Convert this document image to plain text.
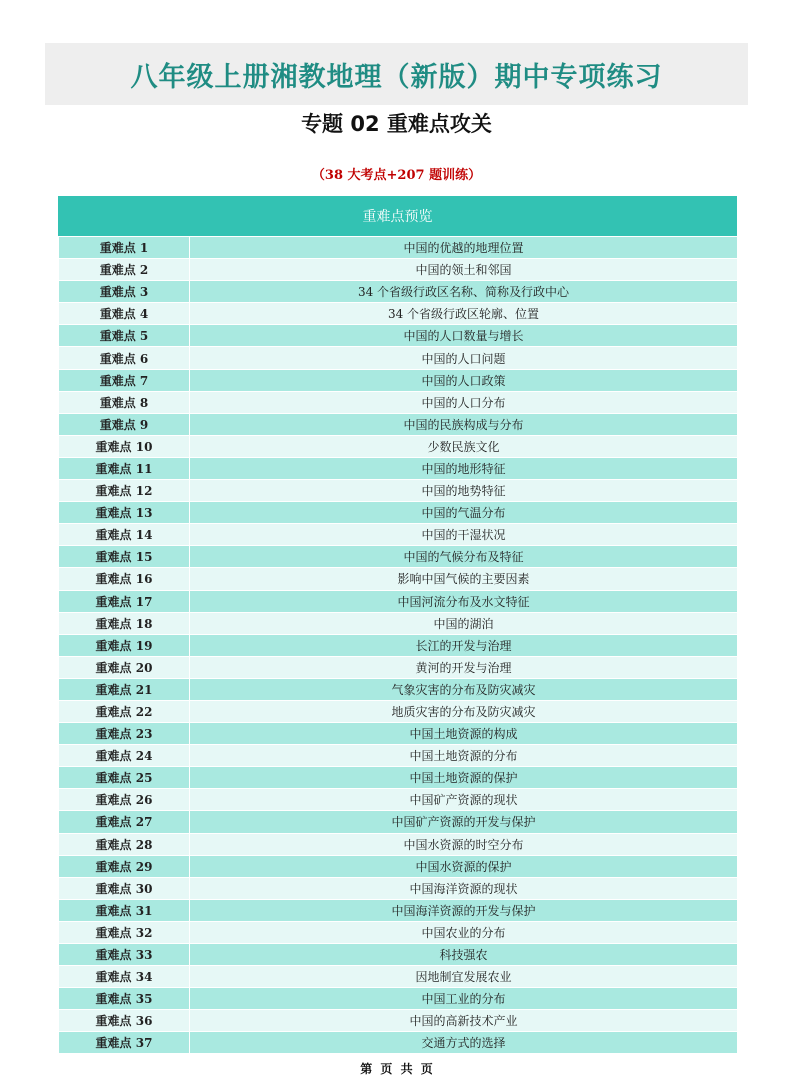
八年级上册湘教地理（新版）期中专项练习
专题 02 重难点攻关
（38 大考点+207 题训练）
重难点预览
重难点 1	中国的优越的地理位置
重难点 2	中国的领土和邻国
重难点 3	34 个省级行政区名称、简称及行政中心
重难点 4	34 个省级行政区轮廓、位置
重难点 5	中国的人口数量与增长
重难点 6	中国的人口问题
重难点 7	中国的人口政策
重难点 8	中国的人口分布
重难点 9	中国的民族构成与分布
重难点 10	少数民族文化
重难点 11	中国的地形特征
重难点 12	中国的地势特征
重难点 13	中国的气温分布
重难点 14	中国的干湿状况
重难点 15	中国的气候分布及特征
重难点 16	影响中国气候的主要因素
重难点 17	中国河流分布及水文特征
重难点 18	中国的湖泊
重难点 19	长江的开发与治理
重难点 20	黄河的开发与治理
重难点 21	气象灾害的分布及防灾减灾
重难点 22	地质灾害的分布及防灾减灾
重难点 23	中国土地资源的构成
重难点 24	中国土地资源的分布
重难点 25	中国土地资源的保护
重难点 26	中国矿产资源的现状
重难点 27	中国矿产资源的开发与保护
重难点 28	中国水资源的时空分布
重难点 29	中国水资源的保护
重难点 30	中国海洋资源的现状
重难点 31	中国海洋资源的开发与保护
重难点 32	中国农业的分布
重难点 33	科技强农
重难点 34	因地制宜发展农业
重难点 35	中国工业的分布
重难点 36	中国的高新技术产业
重难点 37	交通方式的选择
第 页 共 页
